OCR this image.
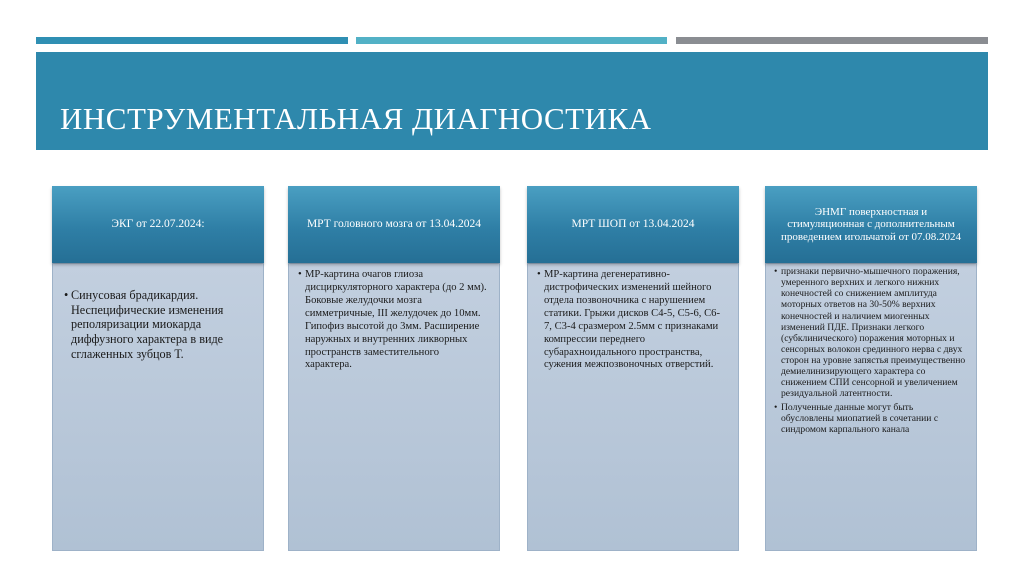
ИНСТРУМЕНТАЛЬНАЯ ДИАГНОСТИКА
ЭКГ от 22.07.2024:
• Синусовая брадикардия. Неспецифические изменения реполяризации миокарда диффузного характера в виде сглаженных зубцов Т.
МРТ головного мозга от 13.04.2024
• МР-картина очагов глиоза дисциркуляторного характера (до 2 мм). Боковые желудочки мозга симметричные, III желудочек до 10мм. Гипофиз высотой до 3мм. Расширение наружных и внутренних ликворных пространств заместительного характера.
МРТ ШОП от 13.04.2024
• МР-картина дегенеративно-дистрофических изменений шейного отдела позвоночника с нарушением статики. Грыжи дисков С4-5, С5-6, С6-7, С3-4 сразмером 2.5мм с признаками компрессии переднего субарахноидального пространства, сужения межпозвоночных отверстий.
ЭНМГ поверхностная и стимуляционная с дополнительным проведением игольчатой от 07.08.2024
• признаки первично-мышечного поражения, умеренного верхних и легкого нижних конечностей со снижением амплитуда моторных ответов на 30-50% верхних конечностей и наличием миогенных изменений ПДЕ. Признаки легкого (субклинического) поражения моторных и сенсорных волокон срединного нерва с двух сторон на уровне запястья преимущественно демиелинизирующего характера со снижением СПИ сенсорной и увеличением резидуальной латентности.
• Полученные данные могут быть обусловлены миопатией в сочетании с синдромом карпального канала
